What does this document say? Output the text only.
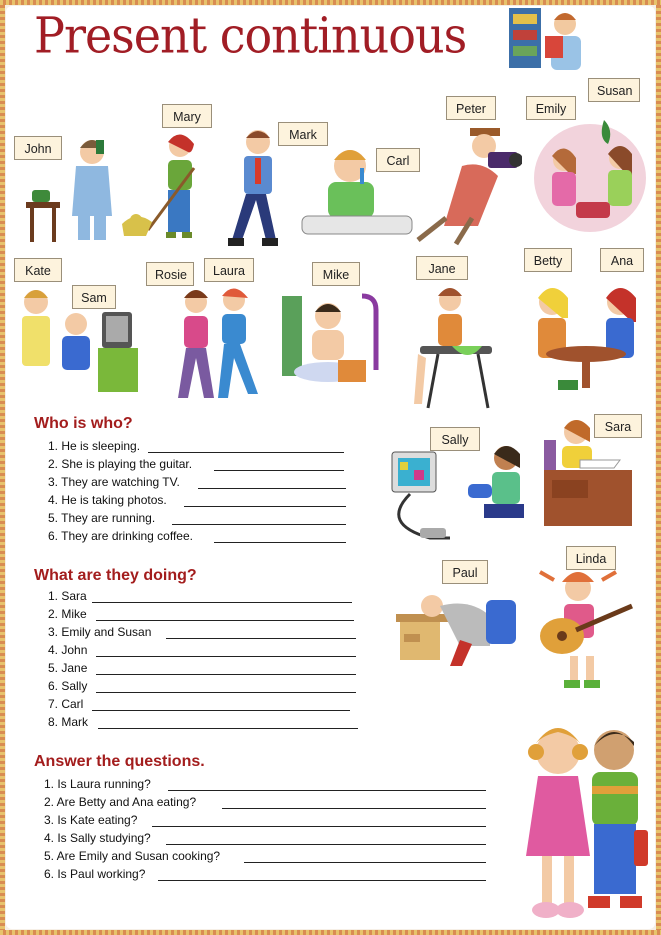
Present continuous
John
Mary
Mark
Carl
Peter	Emily
Susan
Kate
Sam
Rosie	Laura	Mike	Jane
Betty	Ana
Sally
Sara
Paul
Linda
Who is who?
1. He is sleeping.
2. She is playing the guitar.
3. They are watching TV.
4. He is taking photos.
5. They are running.
6. They are drinking coffee.
What are they doing?
1. Sara
2. Mike
3. Emily and Susan
4. John
5. Jane
6. Sally
7. Carl
8. Mark
Answer the questions.
1. Is Laura running?
2. Are Betty and Ana eating?
3. Is Kate eating?
4. Is Sally studying?
5. Are Emily and Susan cooking?
6. Is Paul working?
